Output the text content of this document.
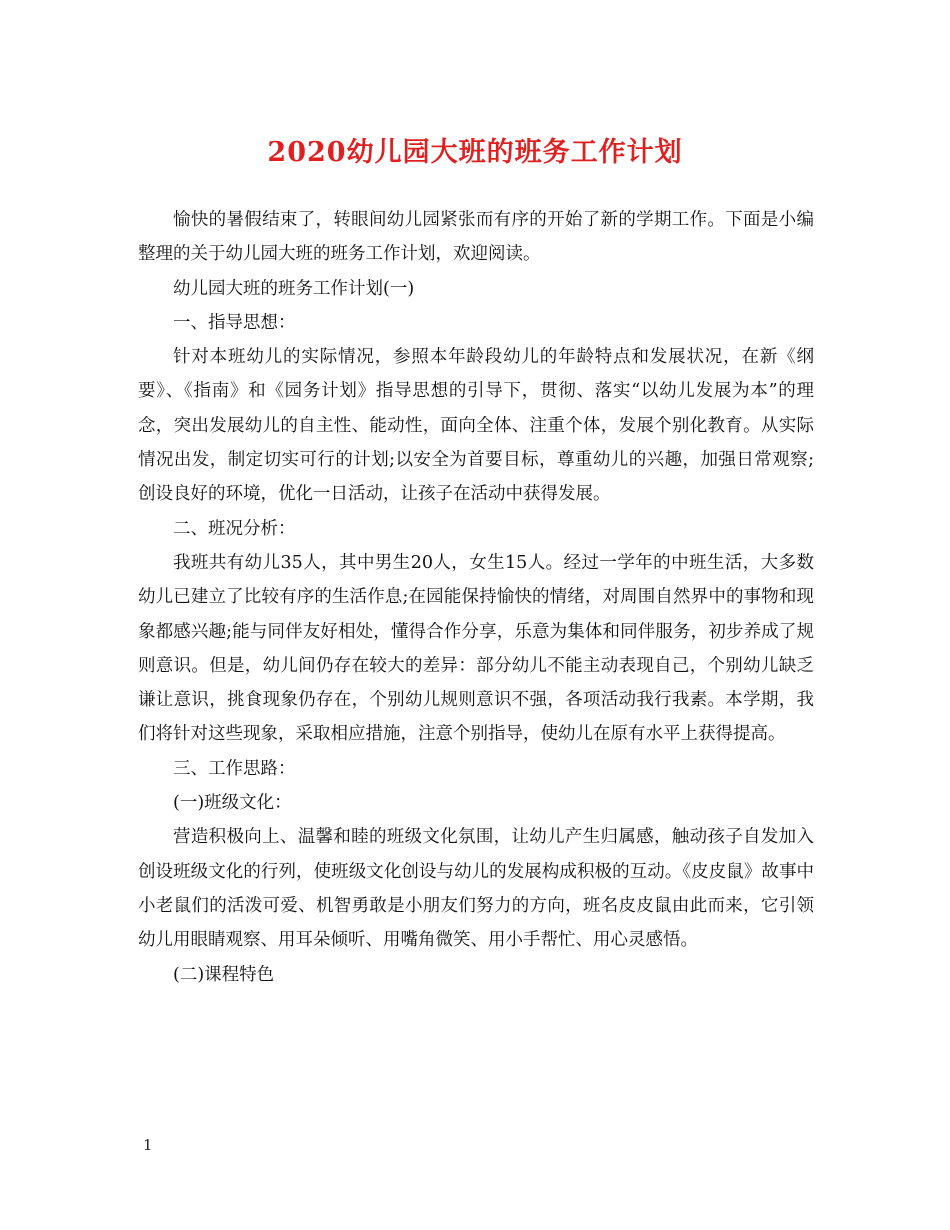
2020幼儿园大班的班务工作计划

愉快的暑假结束了，转眼间幼儿园紧张而有序的开始了新的学期工作。下面是小编整理的关于幼儿园大班的班务工作计划，欢迎阅读。

幼儿园大班的班务工作计划(一)

一、指导思想：

针对本班幼儿的实际情况，参照本年龄段幼儿的年龄特点和发展状况，在新《纲要》、《指南》和《园务计划》指导思想的引导下，贯彻、落实“以幼儿发展为本”的理念，突出发展幼儿的自主性、能动性，面向全体、注重个体，发展个别化教育。从实际情况出发，制定切实可行的计划;以安全为首要目标，尊重幼儿的兴趣，加强日常观察;创设良好的环境，优化一日活动，让孩子在活动中获得发展。

二、班况分析：

我班共有幼儿35人，其中男生20人，女生15人。经过一学年的中班生活，大多数幼儿已建立了比较有序的生活作息;在园能保持愉快的情绪，对周围自然界中的事物和现象都感兴趣;能与同伴友好相处，懂得合作分享，乐意为集体和同伴服务，初步养成了规则意识。但是，幼儿间仍存在较大的差异：部分幼儿不能主动表现自己，个别幼儿缺乏谦让意识，挑食现象仍存在，个别幼儿规则意识不强，各项活动我行我素。本学期，我们将针对这些现象，采取相应措施，注意个别指导，使幼儿在原有水平上获得提高。

三、工作思路：

(一)班级文化：

营造积极向上、温馨和睦的班级文化氛围，让幼儿产生归属感，触动孩子自发加入创设班级文化的行列，使班级文化创设与幼儿的发展构成积极的互动。《皮皮鼠》故事中小老鼠们的活泼可爱、机智勇敢是小朋友们努力的方向，班名皮皮鼠由此而来，它引领幼儿用眼睛观察、用耳朵倾听、用嘴角微笑、用小手帮忙、用心灵感悟。

(二)课程特色

1
